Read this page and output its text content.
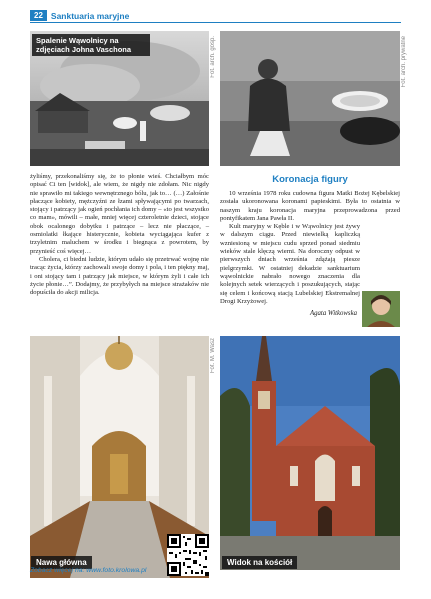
22 Sanktuaria maryjne
Spalenie Wąwolnicy na zdjęciach Johna Vaschona	Fot. arch. gosp.	Fot. arch. prywatne

żyliśmy, przekonaliśmy się, że to płonie wieś. Chciałbym móc opisać Ci ten [widok], ale wiem, że nigdy nie zdołam. Nic nigdy nie sprawiło mi takiego wewnętrznego bólu, jak to… (…) Załośnie płaczące kobiety, mężczyźni ze łzami spływającymi po twarzach, stojący i patrzący jak ogień pochłania ich domy – «to jest wszystko co mam», mówili – małe, mniej więcej czteroletnie dzieci, stojące obok ocalonego dobytku i patrzące – lecz nie płaczące, – osmiolatki łkające histerycznie, kobieta wyciągająca kufer z trzyletnim maluchem w środku i biegnąca z powrotem, by przynieść coś więcej…

Cholera, ci biedni ludzie, którym udało się przetrwać wojnę nie tracąc życia, którzy zachowali swoje domy i pola, i ten piękny maj, i oni stojący tam i patrzący jak miejsce, w którym żyli i całe ich życie płonie…”. Dodajmy, że przybyłych na miejsce strażaków nie dopuściła do akcji milicja.

Koronacja figury

10 września 1978 roku cudowna figura Matki Bożej Kębelskiej została ukoronowana koronami papieskimi. Była to ostatnia w naszym kraju koronacja maryjna przeprowadzona przed pontyfikatem Jana Pawła II.

Kult maryjny w Kęble i w Wąwolnicy jest żywy w dalszym ciągu. Przed niewielką kapliczką wzniesioną w miejscu cudu sprzed ponad siedmiu wieków stale klęczą wierni. Na doroczny odpust w pierwszych dniach września zdążają piesze pielgrzymki. W ostatniej dekadzie sanktuarium wąwolnickie nabrało nowego znaczenia dla kolejnych setek wierzących i poszukujących, stając się celem i końcową stacją Lubelskiej Ekstremalnej Drogi Krzyżowej.

Agata Witkowska
Fot. M. Wasz
Nawa główna
Zobacz więcej na: www.foto.krolowa.pl
Widok na kościół
